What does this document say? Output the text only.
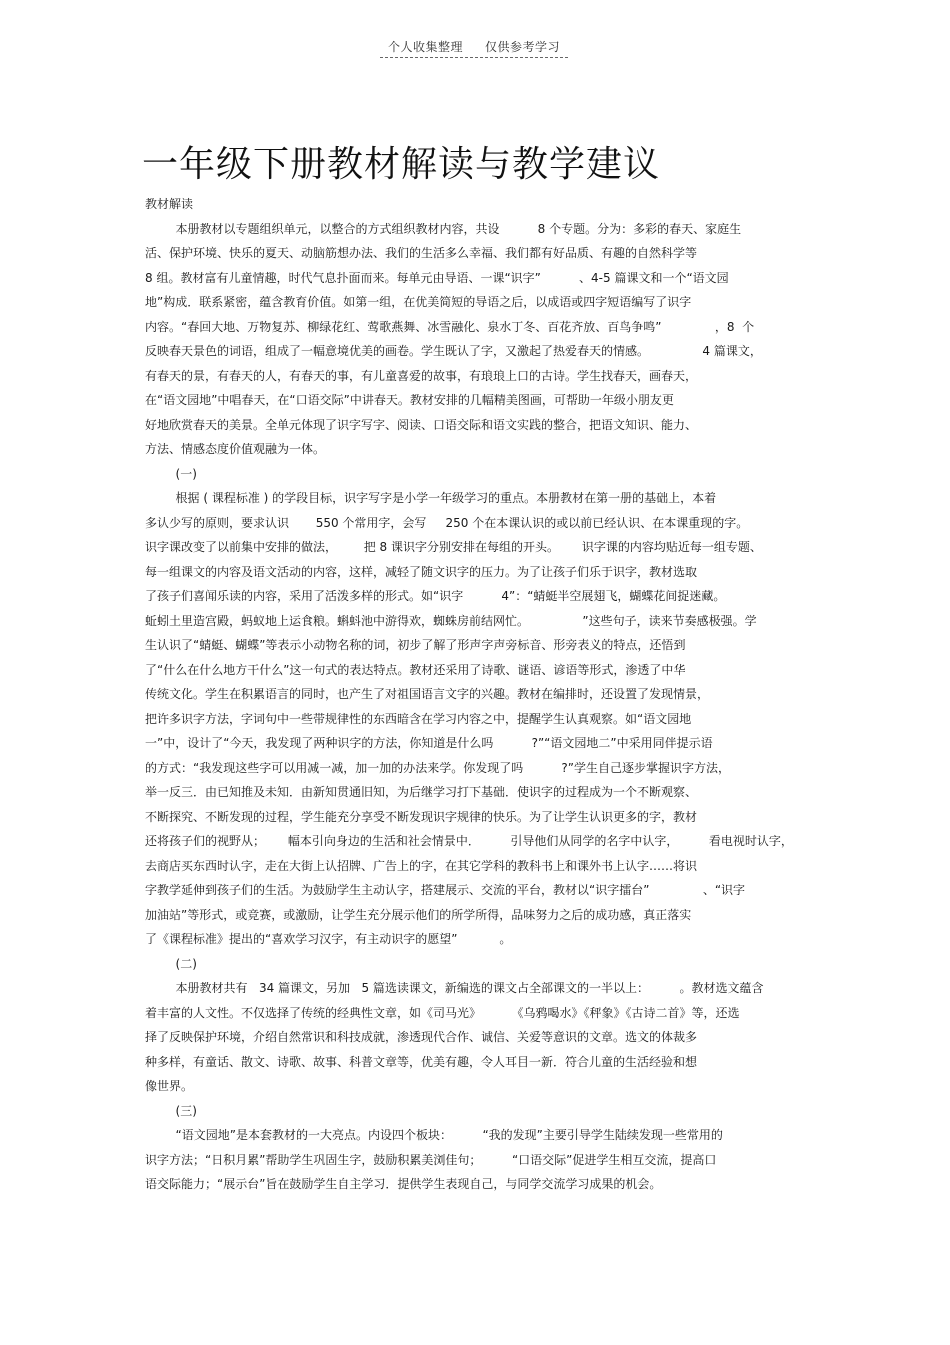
个人收集整理 仅供参考学习
一年级下册教材解读与教学建议
教材解读
本册教材以专题组织单元，以整合的方式组织教材内容，共设          8 个专题。分为：多彩的春天、家庭生
活、保护环境、快乐的夏天、动脑筋想办法、我们的生活多么幸福、我们都有好品质、有趣的自然科学等
8 组。教材富有儿童情趣，时代气息扑面而来。每单元由导语、一课“识字”          、4-5 篇课文和一个“语文园
地”构成．联系紧密，蕴含教育价值。如第一组，在优美简短的导语之后，以成语或四字短语编写了识字
内容。“春回大地、万物复苏、柳绿花红、莺歌燕舞、冰雪融化、泉水丁冬、百花齐放、百鸟争鸣”              ，8  个
反映春天景色的词语，组成了一幅意境优美的画卷。学生既认了字，又激起了热爱春天的情感。              4 篇课文，
有春天的景，有春天的人，有春天的事，有儿童喜爱的故事，有琅琅上口的古诗。学生找春天，画春天，
在“语文园地”中唱春天，在“口语交际”中讲春天。教材安排的几幅精美图画，可帮助一年级小朋友更
好地欣赏春天的美景。全单元体现了识字写字、阅读、口语交际和语文实践的整合，把语文知识、能力、
方法、情感态度价值观融为一体。
(一)
根据 ( 课程标准 ) 的学段目标，识字写字是小学一年级学习的重点。本册教材在第一册的基础上，本着
多认少写的原则，要求认识       550 个常用字，会写     250 个在本课认识的或以前已经认识、在本课重现的字。
识字课改变了以前集中安排的做法，       把 8 课识字分别安排在每组的开头。      识字课的内容均贴近每一组专题、
每一组课文的内容及语文活动的内容，这样，减轻了随文识字的压力。为了让孩子们乐于识字，教材选取
了孩子们喜闻乐读的内容，采用了活泼多样的形式。如“识字          4”：“蜻蜓半空展翅飞，蝴蝶花间捉迷藏。
蚯蚓土里造宫殿，蚂蚁地上运食粮。蝌蚪池中游得欢，蜘蛛房前结网忙。              ”这些句子，读来节奏感极强。学
生认识了“蜻蜓、蝴蝶”等表示小动物名称的词，初步了解了形声字声旁标音、形旁表义的特点，还悟到
了“什么在什么地方干什么”这一句式的表达特点。教材还采用了诗歌、谜语、谚语等形式，渗透了中华
传统文化。学生在积累语言的同时，也产生了对祖国语言文字的兴趣。教材在编排时，还设置了发现情景，
把许多识字方法，字词句中一些带规律性的东西暗含在学习内容之中，提醒学生认真观察。如“语文园地
一”中，设计了“今天，我发现了两种识字的方法，你知道是什么吗          ?”“语文园地二”中采用同伴提示语
的方式：“我发现这些字可以用减一减，加一加的办法来学。你发现了吗          ?”学生自己逐步掌握识字方法，
举一反三．由已知推及未知．由新知贯通旧知，为后继学习打下基础．使识字的过程成为一个不断观察、
不断探究、不断发现的过程，学生能充分享受不断发现识字规律的快乐。为了让学生认识更多的字，教材
还将孩子们的视野从；      幅本引向身边的生活和社会情景中．        引导他们从同学的名字中认字，        看电视时认字，
去商店买东西时认字，走在大街上认招牌、广告上的字，在其它学科的教科书上和课外书上认字……将识
字教学延伸到孩子们的生活。为鼓励学生主动认字，搭建展示、交流的平台，教材以“识字擂台”              、“识字
加油站”等形式，或竞赛，或激励，让学生充分展示他们的所学所得，品味努力之后的成功感，真正落实
了《课程标准》提出的“喜欢学习汉字，有主动识字的愿望”           。
(二)
本册教材共有   34 篇课文，另加   5 篇选读课文，新编选的课文占全部课文的一半以上：        。教材选文蕴含
着丰富的人文性。不仅选择了传统的经典性文章，如《司马光》        《乌鸦喝水》《秤象》《古诗二首》等，还选
择了反映保护环境，介绍自然常识和科技成就，渗透现代合作、诚信、关爱等意识的文章。选文的体裁多
种多样，有童话、散文、诗歌、故事、科普文章等，优美有趣，令人耳目一新．符合儿童的生活经验和想
像世界。
(三)
“语文园地”是本套教材的一大亮点。内设四个板块：        “我的发现”主要引导学生陆续发现一些常用的
识字方法；“日积月累”帮助学生巩固生字，鼓励积累美浏佳句；        “口语交际”促进学生相互交流，提高口
语交际能力；“展示台”旨在鼓励学生自主学习．提供学生表现自己，与同学交流学习成果的机会。
